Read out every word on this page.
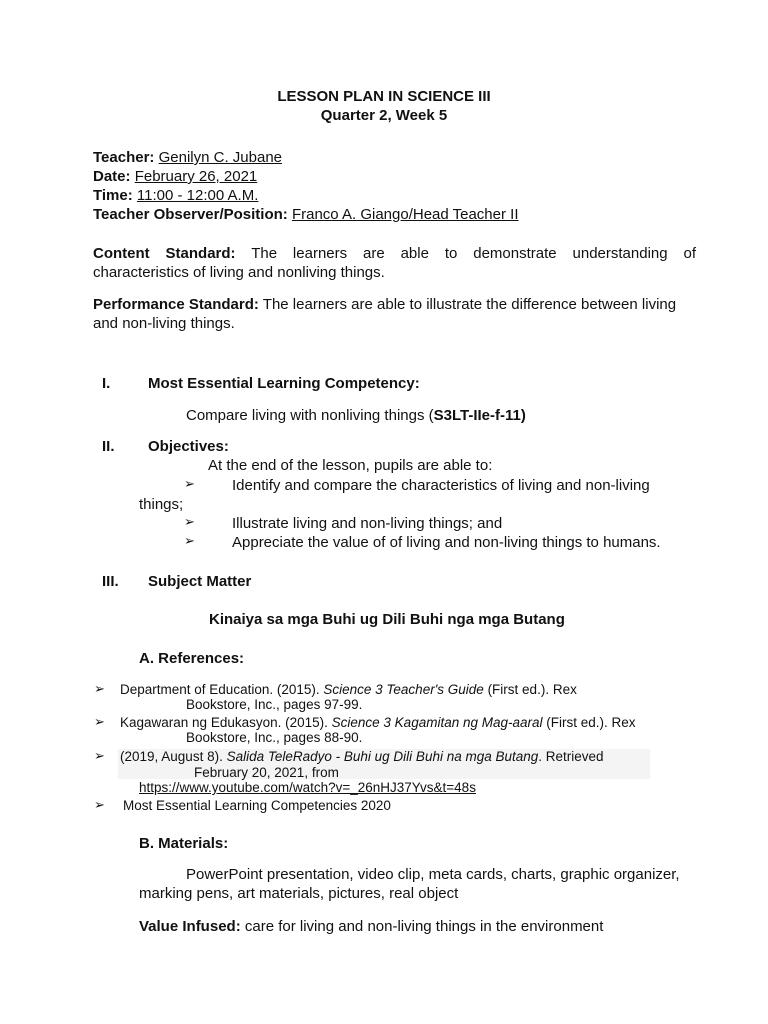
LESSON PLAN IN SCIENCE III
Quarter 2, Week 5
Teacher: Genilyn C. Jubane
Date: February 26, 2021
Time: 11:00 - 12:00 A.M.
Teacher Observer/Position: Franco A. Giango/Head Teacher II
Content Standard: The learners are able to demonstrate understanding of
characteristics of living and nonliving things.
Performance Standard: The learners are able to illustrate the difference between living
and non-living things.
I.	Most Essential Learning Competency:
Compare living with nonliving things (S3LT-IIe-f-11)
II. Objectives:
At the end of the lesson, pupils are able to:
➢ Identify and compare the characteristics of living and non-living
things;
➢ Illustrate living and non-living things; and
➢ Appreciate the value of of living and non-living things to humans.
III. Subject Matter
Kinaiya sa mga Buhi ug Dili Buhi nga mga Butang
A. References:
➢ Department of Education. (2015). Science 3 Teacher's Guide (First ed.). Rex
Bookstore, Inc., pages 97-99.
➢ Kagawaran ng Edukasyon. (2015). Science 3 Kagamitan ng Mag-aaral (First ed.). Rex
Bookstore, Inc., pages 88-90.
➢ (2019, August 8). Salida TeleRadyo - Buhi ug Dili Buhi na mga Butang. Retrieved
February 20, 2021, from
https://www.youtube.com/watch?v=_26nHJ37Yvs&t=48s
➢ Most Essential Learning Competencies 2020
B. Materials:
PowerPoint presentation, video clip, meta cards, charts, graphic organizer,
marking pens, art materials, pictures, real object
Value Infused: care for living and non-living things in the environment
